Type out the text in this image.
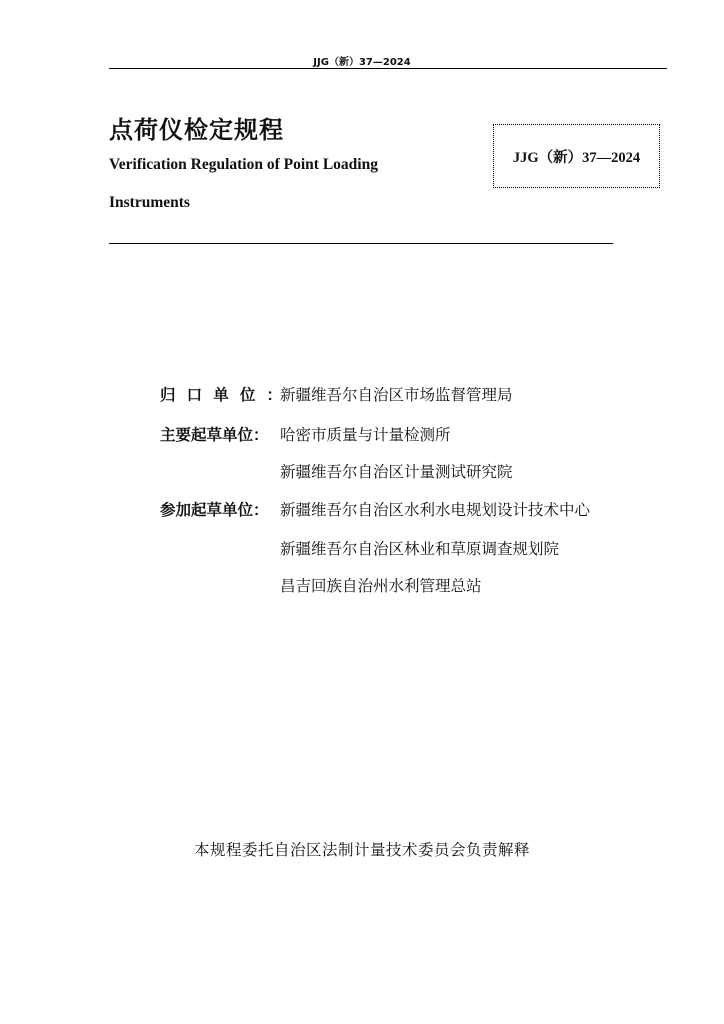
JJG（新）37—2024
点荷仪检定规程
Verification Regulation of Point Loading
Instruments
JJG（新）37—2024
归 口 单 位 ：
新疆维吾尔自治区市场监督管理局
主要起草单位： 哈密市质量与计量检测所
新疆维吾尔自治区计量测试研究院
参加起草单位： 新疆维吾尔自治区水利水电规划设计技术中心
新疆维吾尔自治区林业和草原调查规划院
昌吉回族自治州水利管理总站
本规程委托自治区法制计量技术委员会负责解释
